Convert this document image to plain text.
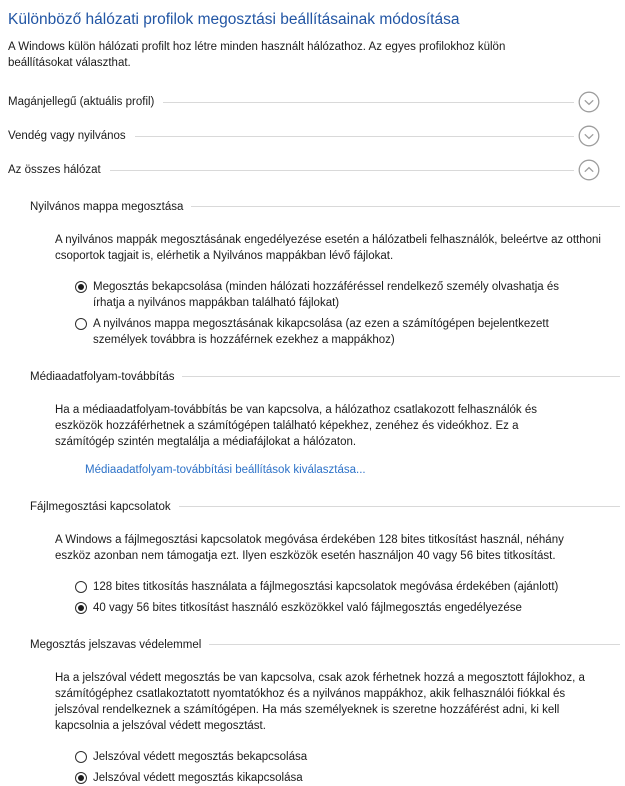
Különböző hálózati profilok megosztási beállításainak módosítása

A Windows külön hálózati profilt hoz létre minden használt hálózathoz. Az egyes profilokhoz külön beállításokat választhat.

Magánjellegű (aktuális profil)
Vendég vagy nyilvános
Az összes hálózat
Nyilvános mappa megosztása

A nyilvános mappák megosztásának engedélyezése esetén a hálózatbeli felhasználók, beleértve az otthoni csoportok tagjait is, elérhetik a Nyilvános mappákban lévő fájlokat.

Megosztás bekapcsolása (minden hálózati hozzáféréssel rendelkező személy olvashatja és írhatja a nyilvános mappákban található fájlokat)
A nyilvános mappa megosztásának kikapcsolása (az ezen a számítógépen bejelentkezett személyek továbbra is hozzáférnek ezekhez a mappákhoz)
Médiaadatfolyam-továbbítás

Ha a médiaadatfolyam-továbbítás be van kapcsolva, a hálózathoz csatlakozott felhasználók és eszközök hozzáférhetnek a számítógépen található képekhez, zenéhez és videókhoz. Ez a számítógép szintén megtalálja a médiafájlokat a hálózaton.

Médiaadatfolyam-továbbítási beállítások kiválasztása...
Fájlmegosztási kapcsolatok

A Windows a fájlmegosztási kapcsolatok megóvása érdekében 128 bites titkosítást használ, néhány eszköz azonban nem támogatja ezt. Ilyen eszközök esetén használjon 40 vagy 56 bites titkosítást.

128 bites titkosítás használata a fájlmegosztási kapcsolatok megóvása érdekében (ajánlott)
40 vagy 56 bites titkosítást használó eszközökkel való fájlmegosztás engedélyezése
Megosztás jelszavas védelemmel

Ha a jelszóval védett megosztás be van kapcsolva, csak azok férhetnek hozzá a megosztott fájlokhoz, a számítógéphez csatlakoztatott nyomtatókhoz és a nyilvános mappákhoz, akik felhasználói fiókkal és jelszóval rendelkeznek a számítógépen. Ha más személyeknek is szeretne hozzáférést adni, ki kell kapcsolnia a jelszóval védett megosztást.

Jelszóval védett megosztás bekapcsolása
Jelszóval védett megosztás kikapcsolása
